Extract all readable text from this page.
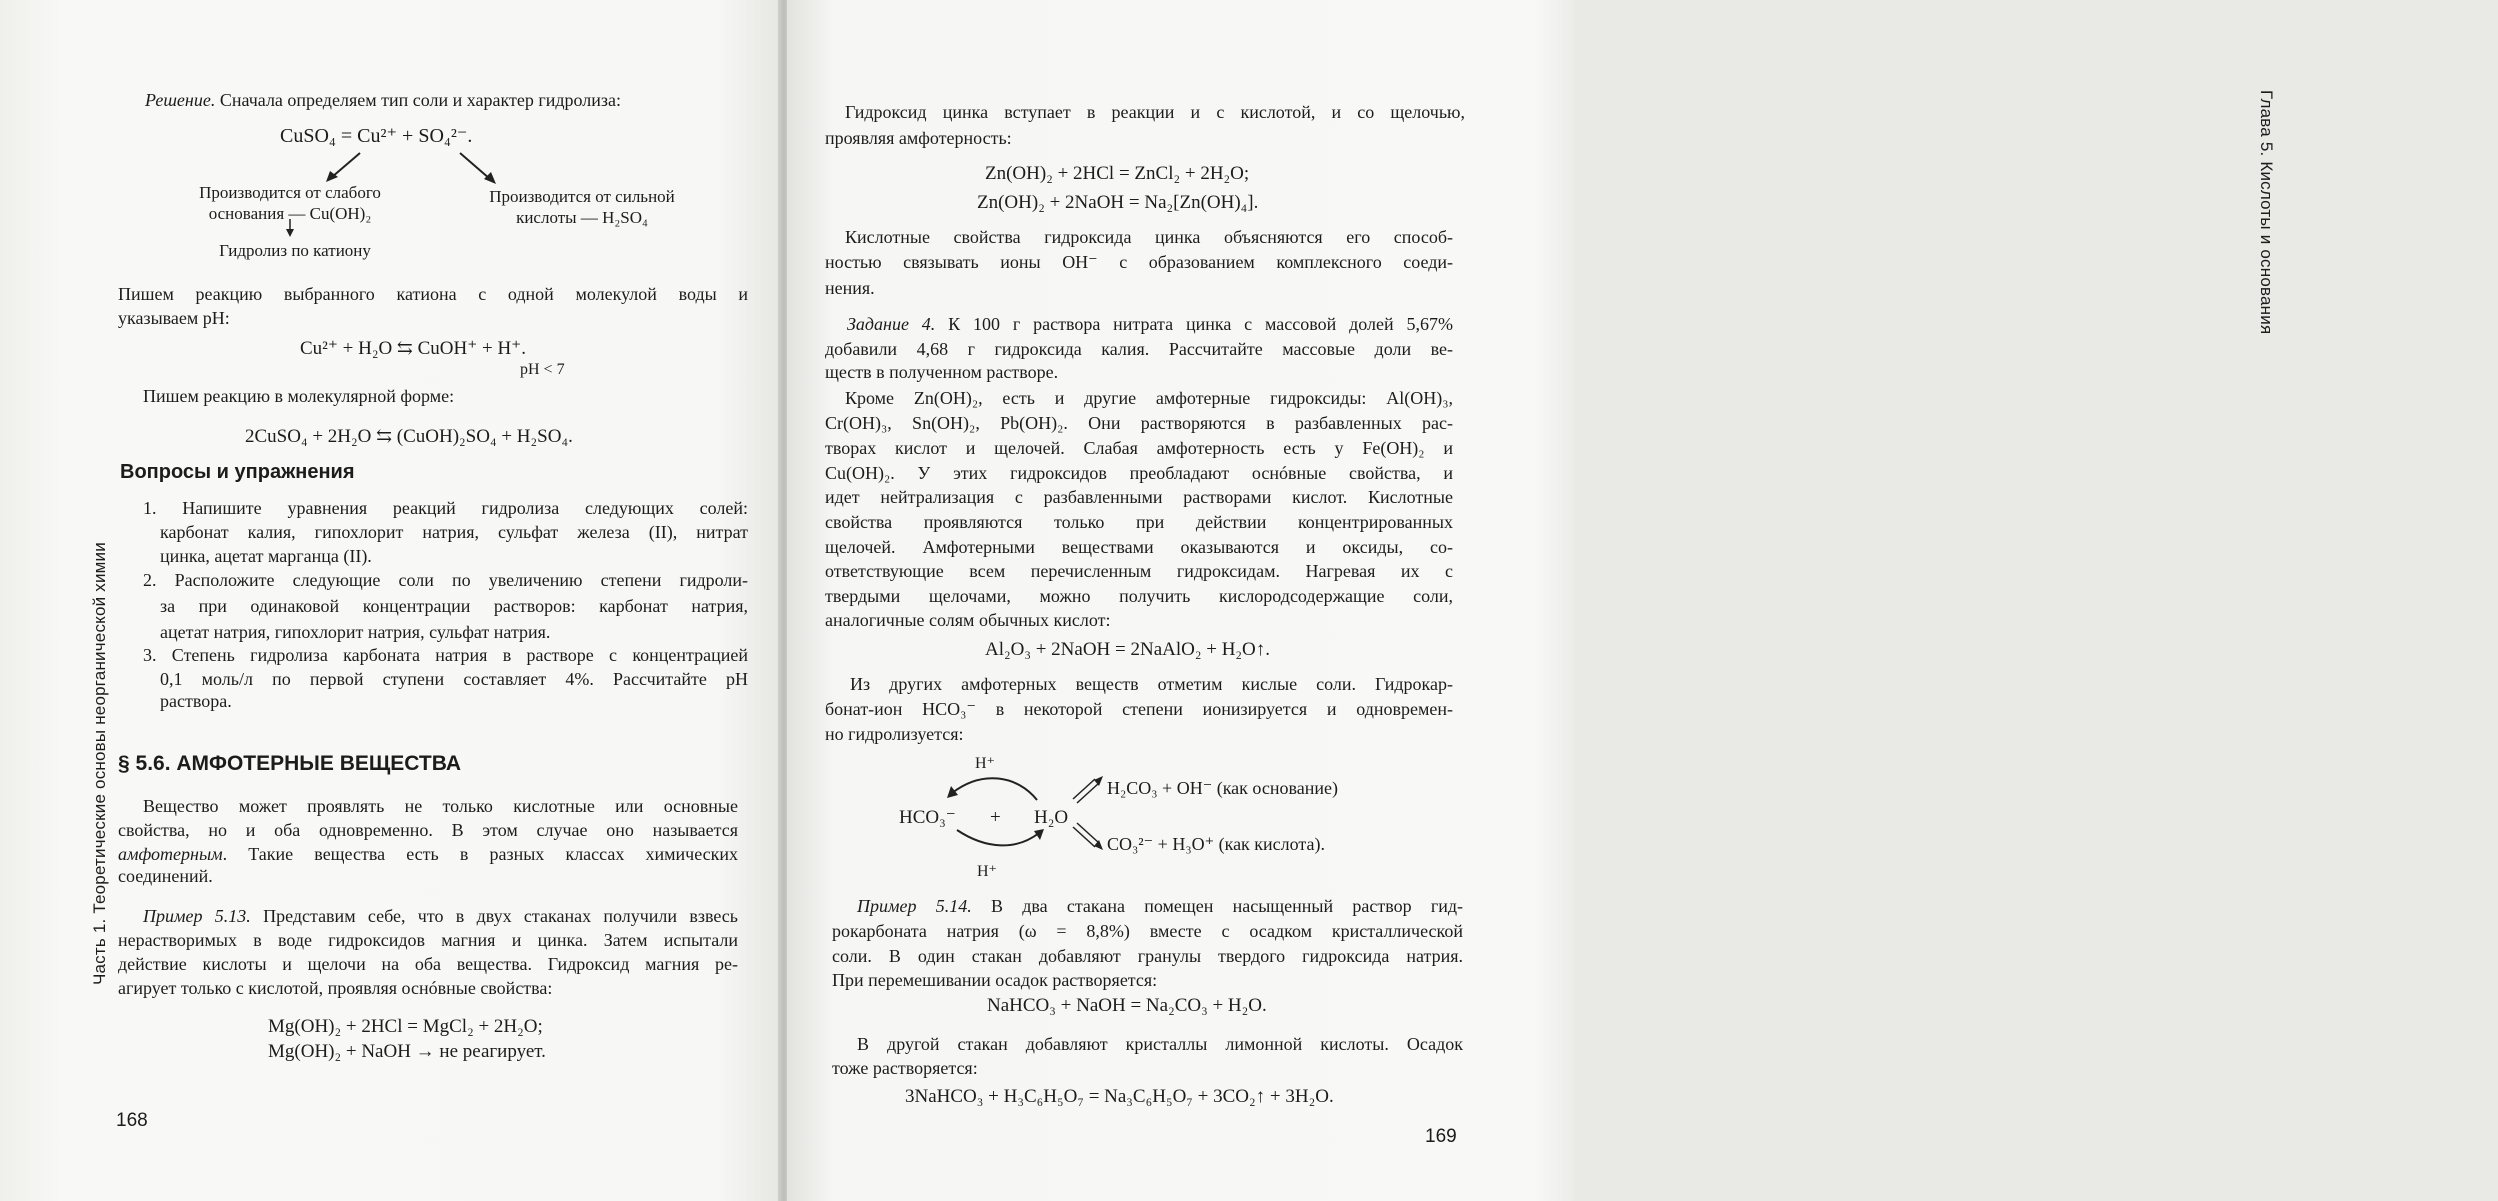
Часть 1. Теоретические основы неорганической химии
Решение. Сначала определяем тип соли и характер гидролиза:
CuSO₄ = Cu²⁺ + SO₄²⁻.
Производится от слабого
основания — Cu(OH)₂
Производится от сильной
кислоты — H₂SO₄
Гидролиз по катиону
Пишем реакцию выбранного катиона с одной молекулой воды и
указываем pH:
Cu²⁺ + H₂O ⇆ CuOH⁺ + H⁺.
pH < 7
Пишем реакцию в молекулярной форме:
2CuSO₄ + 2H₂O ⇆ (CuOH)₂SO₄ + H₂SO₄.
Вопросы и упражнения
1. Напишите уравнения реакций гидролиза следующих солей:
карбонат калия, гипохлорит натрия, сульфат железа (II), нитрат
цинка, ацетат марганца (II).
2. Расположите следующие соли по увеличению степени гидроли-
за при одинаковой концентрации растворов: карбонат натрия,
ацетат натрия, гипохлорит натрия, сульфат натрия.
3. Степень гидролиза карбоната натрия в растворе с концентрацией
0,1 моль/л по первой ступени составляет 4%. Рассчитайте pH
раствора.
§ 5.6. АМФОТЕРНЫЕ ВЕЩЕСТВА
Вещество может проявлять не только кислотные или основные
свойства, но и оба одновременно. В этом случае оно называется
амфотерным. Такие вещества есть в разных классах химических
соединений.
Пример 5.13. Представим себе, что в двух стаканах получили взвесь
нерастворимых в воде гидроксидов магния и цинка. Затем испытали
действие кислоты и щелочи на оба вещества. Гидроксид магния ре-
агирует только с кислотой, проявляя оснóвные свойства:
Mg(OH)₂ + 2HCl = MgCl₂ + 2H₂O;
Mg(OH)₂ + NaOH → не реагирует.
168
Глава 5. Кислоты и основания
Гидроксид цинка вступает в реакции и с кислотой, и со щелочью,
проявляя амфотерность:
Zn(OH)₂ + 2HCl = ZnCl₂ + 2H₂O;
Zn(OH)₂ + 2NaOH = Na₂[Zn(OH)₄].
Кислотные свойства гидроксида цинка объясняются его способ-
ностью связывать ионы OH⁻ с образованием комплексного соеди-
нения.
Задание 4. К 100 г раствора нитрата цинка с массовой долей 5,67%
добавили 4,68 г гидроксида калия. Рассчитайте массовые доли ве-
ществ в полученном растворе.
Кроме Zn(OH)₂, есть и другие амфотерные гидроксиды: Al(OH)₃,
Cr(OH)₃, Sn(OH)₂, Pb(OH)₂. Они растворяются в разбавленных рас-
творах кислот и щелочей. Слабая амфотерность есть у Fe(OH)₂ и
Cu(OH)₂. У этих гидроксидов преобладают оснóвные свойства, и
идет нейтрализация с разбавленными растворами кислот. Кислотные
свойства проявляются только при действии концентрированных
щелочей. Амфотерными веществами оказываются и оксиды, со-
ответствующие всем перечисленным гидроксидам. Нагревая их с
твердыми щелочами, можно получить кислородсодержащие соли,
аналогичные солям обычных кислот:
Al₂O₃ + 2NaOH = 2NaAlO₂ + H₂O↑.
Из других амфотерных веществ отметим кислые соли. Гидрокар-
бонат-ион HCO₃⁻ в некоторой степени ионизируется и одновремен-
но гидролизуется:
H⁺
HCO₃⁻ + H₂O
H₂CO₃ + OH⁻ (как основание)
CO₃²⁻ + H₃O⁺ (как кислота).
H⁺
Пример 5.14. В два стакана помещен насыщенный раствор гид-
рокарбоната натрия (ω = 8,8%) вместе с осадком кристаллической
соли. В один стакан добавляют гранулы твердого гидроксида натрия.
При перемешивании осадок растворяется:
NaHCO₃ + NaOH = Na₂CO₃ + H₂O.
В другой стакан добавляют кристаллы лимонной кислоты. Осадок
тоже растворяется:
3NaHCO₃ + H₃C₆H₅O₇ = Na₃C₆H₅O₇ + 3CO₂↑ + 3H₂O.
169
